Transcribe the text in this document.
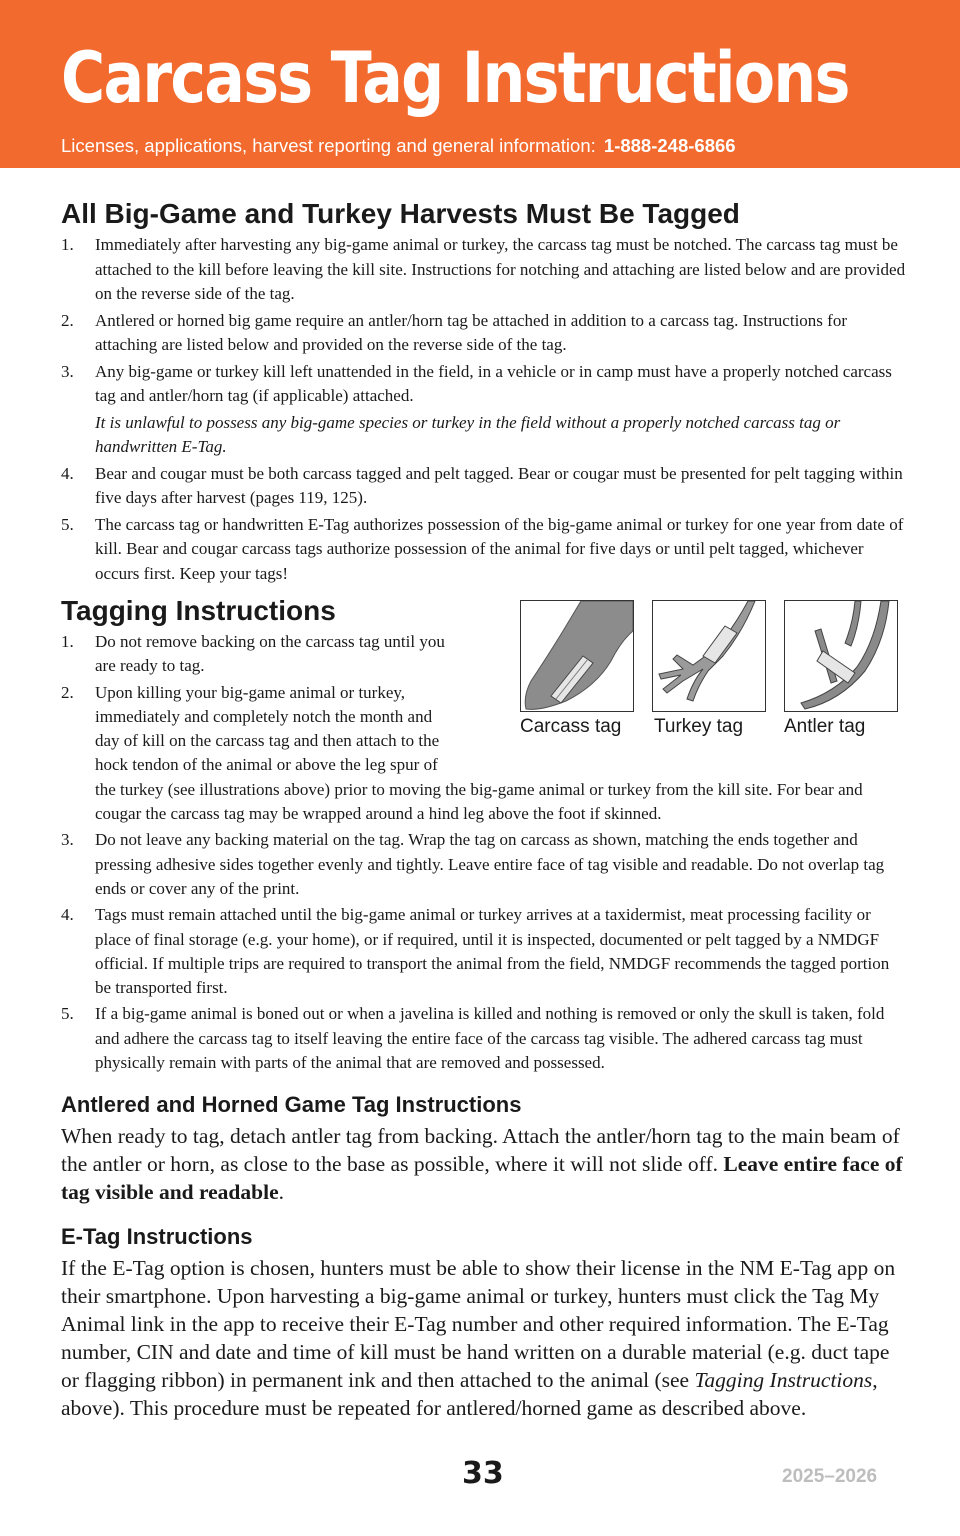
Carcass Tag Instructions
Licenses, applications, harvest reporting and general information: 1-888-248-6866
All Big-Game and Turkey Harvests Must Be Tagged
1. Immediately after harvesting any big-game animal or turkey, the carcass tag must be notched. The carcass tag must be attached to the kill before leaving the kill site. Instructions for notching and attaching are listed below and are provided on the reverse side of the tag.
2. Antlered or horned big game require an antler/horn tag be attached in addition to a carcass tag. Instructions for attaching are listed below and provided on the reverse side of the tag.
3. Any big-game or turkey kill left unattended in the field, in a vehicle or in camp must have a properly notched carcass tag and antler/horn tag (if applicable) attached.
It is unlawful to possess any big-game species or turkey in the field without a properly notched carcass tag or handwritten E-Tag.
4. Bear and cougar must be both carcass tagged and pelt tagged. Bear or cougar must be presented for pelt tagging within five days after harvest (pages 119, 125).
5. The carcass tag or handwritten E-Tag authorizes possession of the big-game animal or turkey for one year from date of kill. Bear and cougar carcass tags authorize possession of the animal for five days or until pelt tagged, whichever occurs first. Keep your tags!
Tagging Instructions
Carcass tag Turkey tag Antler tag
1. Do not remove backing on the carcass tag until you are ready to tag.
2. Upon killing your big-game animal or turkey, immediately and completely notch the month and day of kill on the carcass tag and then attach to the hock tendon of the animal or above the leg spur of the turkey (see illustrations above) prior to moving the big-game animal or turkey from the kill site. For bear and cougar the carcass tag may be wrapped around a hind leg above the foot if skinned.
3. Do not leave any backing material on the tag. Wrap the tag on carcass as shown, matching the ends together and pressing adhesive sides together evenly and tightly. Leave entire face of tag visible and readable. Do not overlap tag ends or cover any of the print.
4. Tags must remain attached until the big-game animal or turkey arrives at a taxidermist, meat processing facility or place of final storage (e.g. your home), or if required, until it is inspected, documented or pelt tagged by a NMDGF official. If multiple trips are required to transport the animal from the field, NMDGF recommends the tagged portion be transported first.
5. If a big-game animal is boned out or when a javelina is killed and nothing is removed or only the skull is taken, fold and adhere the carcass tag to itself leaving the entire face of the carcass tag visible. The adhered carcass tag must physically remain with parts of the animal that are removed and possessed.
Antlered and Horned Game Tag Instructions
When ready to tag, detach antler tag from backing. Attach the antler/horn tag to the main beam of the antler or horn, as close to the base as possible, where it will not slide off. Leave entire face of tag visible and readable.
E-Tag Instructions
If the E-Tag option is chosen, hunters must be able to show their license in the NM E-Tag app on their smartphone. Upon harvesting a big-game animal or turkey, hunters must click the Tag My Animal link in the app to receive their E-Tag number and other required information. The E-Tag number, CIN and date and time of kill must be hand written on a durable material (e.g. duct tape or flagging ribbon) in permanent ink and then attached to the animal (see Tagging Instructions, above). This procedure must be repeated for antlered/horned game as described above.
33	2025–2026
